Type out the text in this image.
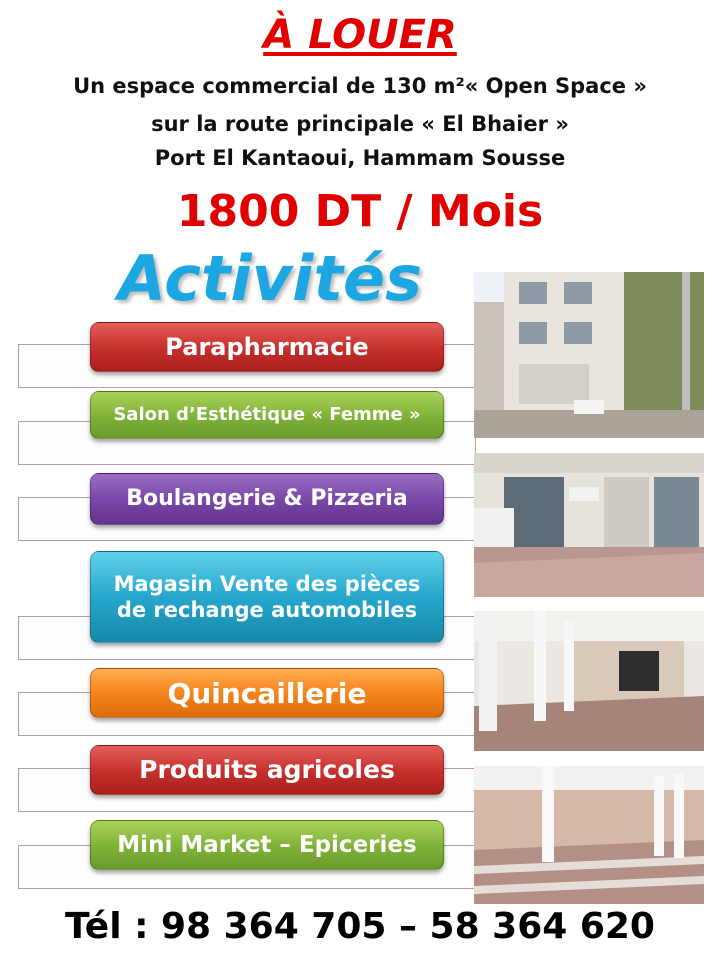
À LOUER
Un espace commercial de 130 m²« Open Space »
sur la route principale « El Bhaier »
Port El Kantaoui, Hammam Sousse
1800 DT / Mois
Activités
Parapharmacie
Salon d’Esthétique « Femme »
Boulangerie & Pizzeria
Magasin Vente des pièces de rechange automobiles
Quincaillerie
Produits agricoles
Mini Market – Epiceries
Tél : 98 364 705 – 58 364 620
